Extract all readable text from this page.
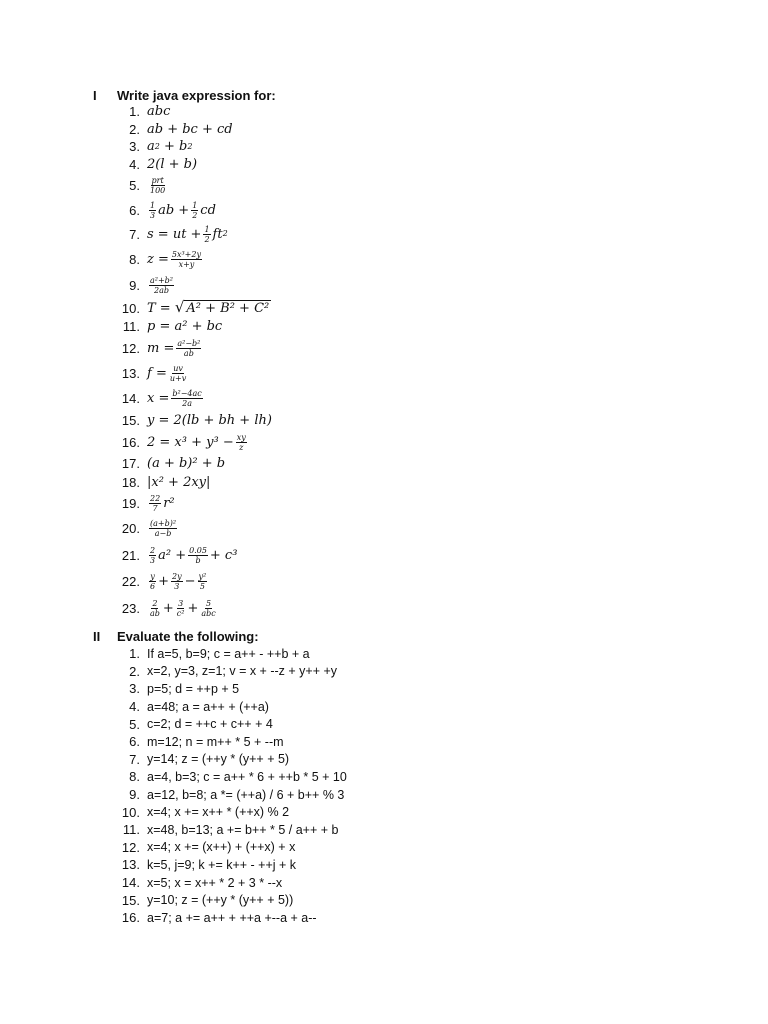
I Write java expression for:
1. abc
2. ab + bc + cd
3. a 2 + b 2
4. 2(l + b)
5.	$\frac{\text{prt}}{100}$
6.	$\frac{1}{3}$ ab + $\frac{1}{2}$ cd
7. s = ut + $\frac{1}{2}$ ft 2
8. $z = \frac{\text{5x³+2y}}{x+y}$
9.	$\frac{\text{a²+b²}}{2ab}$
10. T =
√ A² + B² + C²
11. p = a² + bc
12. $m = \frac{\text{a²−b²}}{ab}$
13. $f = \frac{uv}{u+v}$
14. $x = \frac{\text{b²−4ac}}{2a}$
15. y = 2(lb + bh + lh)
16. $2 = x^3 + y^3 - \frac{xy}{z}$
17. (a + b)² + b
18. |x² + 2xy|
19.	$\frac{22}{7} r^2$
20.	$\frac{\text{(a+b)²}}{a-b}$
21.	$\frac{2}{3} a^2 + \frac{0.05}{b} + c^3$
22.	$\frac{y}{6} + \frac{2y}{3} - \frac{\text{y²}}{5}$
23.	$\frac{2}{ab} + \frac{3}{\text{c²}} + \frac{5}{\text{abc}}$
II Evaluate the following:
1. If a=5, b=9; c = a++ - ++b + a
2. x=2, y=3, z=1; v = x + --z + y++ +y
3. p=5; d = ++p + 5
4. a=48; a = a++ + (++a)
5. c=2; d = ++c + c++ + 4
6. m=12; n = m++ * 5 + --m
7. y=14; z = (++y * (y++ + 5)
8. a=4, b=3; c = a++ * 6 + ++b * 5 + 10
9. a=12, b=8; a *= (++a) / 6 + b++ % 3
10. x=4; x += x++ * (++x) % 2
11. x=48, b=13; a += b++ * 5 / a++ + b
12. x=4; x += (x++) + (++x) + x
13. k=5, j=9; k += k++ - ++j + k
14. x=5; x = x++ * 2 + 3 * --x
15. y=10; z = (++y * (y++ + 5))
16. a=7; a += a++ + ++a +--a + a--
